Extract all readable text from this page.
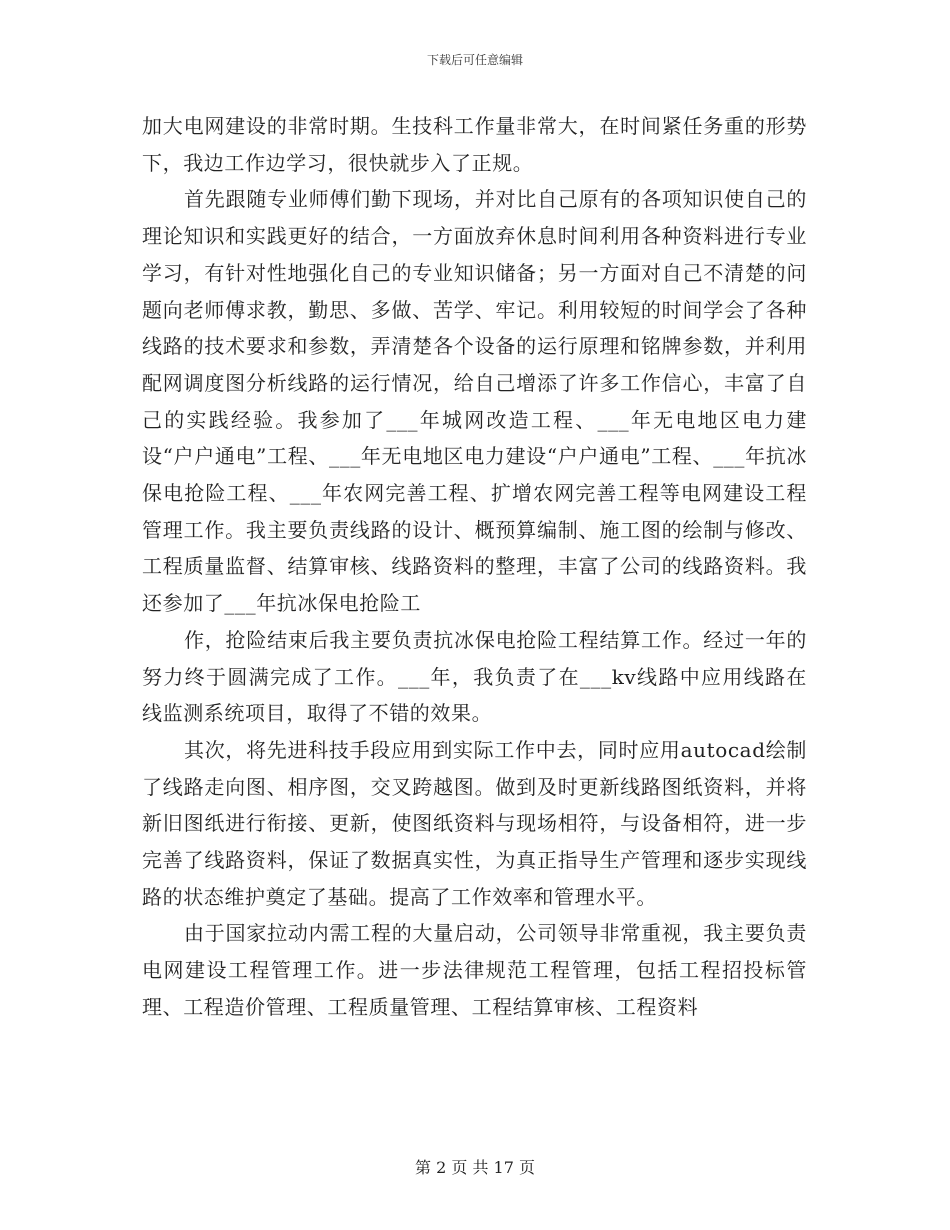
下载后可任意编辑

加大电网建设的非常时期。生技科工作量非常大，在时间紧任务重的形势下，我边工作边学习，很快就步入了正规。

首先跟随专业师傅们勤下现场，并对比自己原有的各项知识使自己的理论知识和实践更好的结合，一方面放弃休息时间利用各种资料进行专业学习，有针对性地强化自己的专业知识储备；另一方面对自己不清楚的问题向老师傅求教，勤思、多做、苦学、牢记。利用较短的时间学会了各种线路的技术要求和参数，弄清楚各个设备的运行原理和铭牌参数，并利用配网调度图分析线路的运行情况，给自己增添了许多工作信心，丰富了自己的实践经验。我参加了___年城网改造工程、___年无电地区电力建设“户户通电”工程、___年无电地区电力建设“户户通电”工程、___年抗冰保电抢险工程、___年农网完善工程、扩增农网完善工程等电网建设工程管理工作。我主要负责线路的设计、概预算编制、施工图的绘制与修改、工程质量监督、结算审核、线路资料的整理，丰富了公司的线路资料。我还参加了___年抗冰保电抢险工

作，抢险结束后我主要负责抗冰保电抢险工程结算工作。经过一年的努力终于圆满完成了工作。___年，我负责了在___kv线路中应用线路在线监测系统项目，取得了不错的效果。

其次，将先进科技手段应用到实际工作中去，同时应用autocad绘制了线路走向图、相序图，交叉跨越图。做到及时更新线路图纸资料，并将新旧图纸进行衔接、更新，使图纸资料与现场相符，与设备相符，进一步完善了线路资料，保证了数据真实性，为真正指导生产管理和逐步实现线路的状态维护奠定了基础。提高了工作效率和管理水平。

由于国家拉动内需工程的大量启动，公司领导非常重视，我主要负责电网建设工程管理工作。进一步法律规范工程管理，包括工程招投标管理、工程造价管理、工程质量管理、工程结算审核、工程资料

第 2 页 共 17 页
